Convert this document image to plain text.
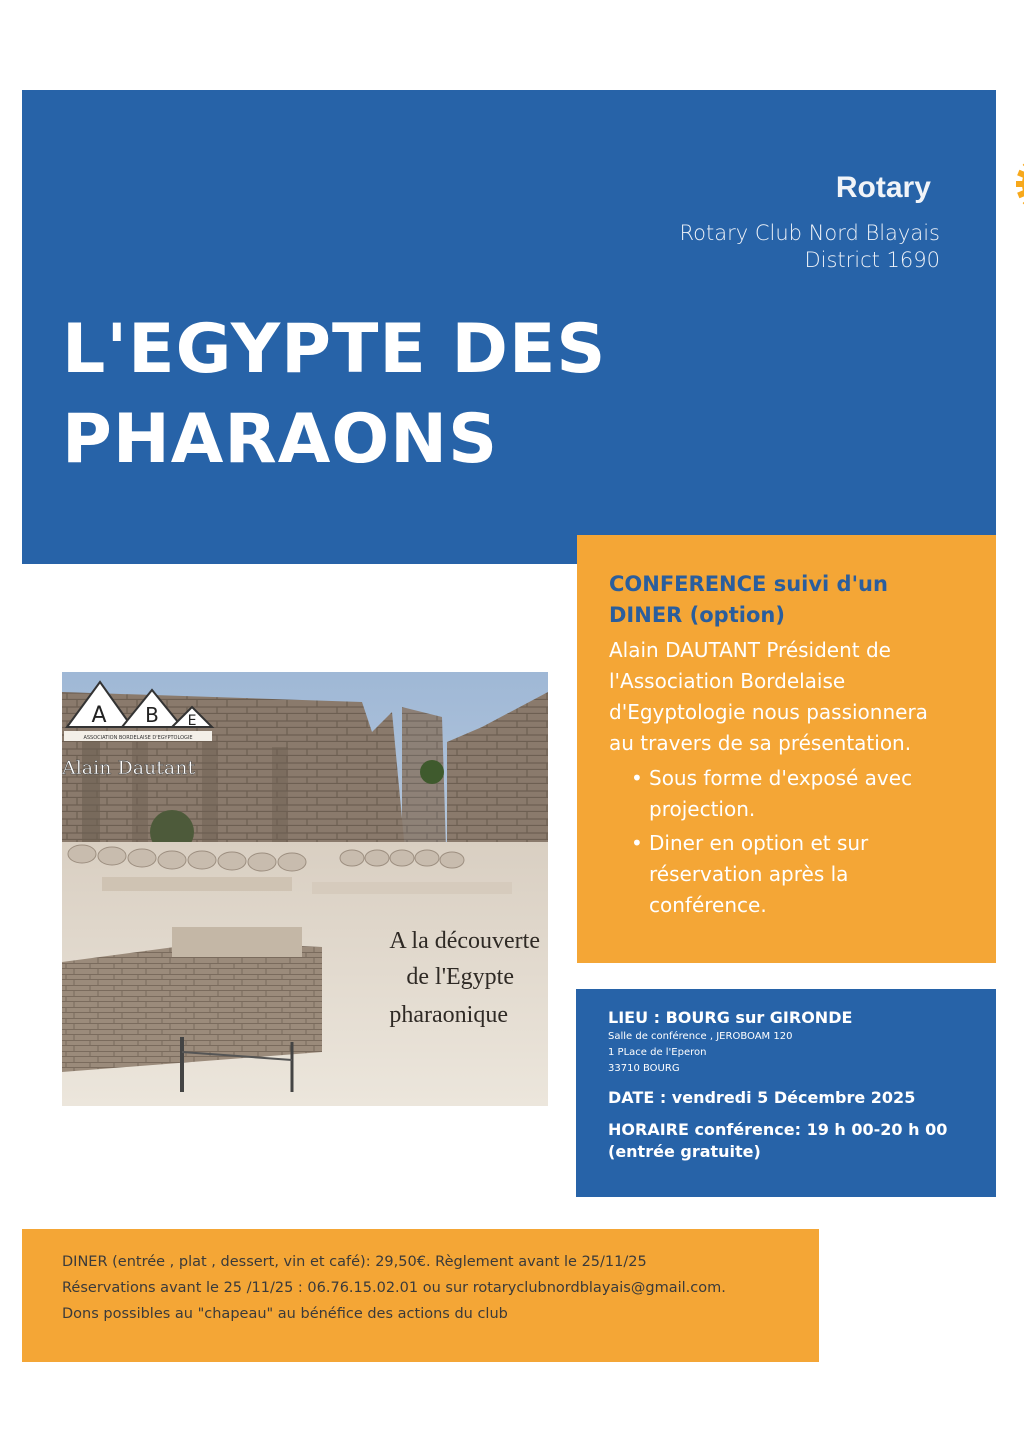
Rotary
Rotary Club Nord Blayais
District 1690
L'EGYPTE DES
PHARAONS

CONFERENCE suivi d'un
DINER (option)

Alain DAUTANT Président de
l'Association Bordelaise
d'Egyptologie nous passionnera
au travers de sa présentation.

• Sous forme d'exposé avec
projection.
• Diner en option et sur
réservation après la
conférence.
A B E
ASSOCIATION BORDELAISE D'EGYPTOLOGIE
Alain Dautant
A la découverte
de l'Egypte
pharaonique	LIEU : BOURG sur GIRONDE

Salle de conférence , JEROBOAM 120

1 PLace de l'Eperon

33710 BOURG

DATE : vendredi 5 Décembre 2025

HORAIRE conférence: 19 h 00-20 h 00

(entrée gratuite)

DINER (entrée , plat , dessert, vin et café): 29,50€. Règlement avant le 25/11/25

Réservations avant le 25 /11/25 : 06.76.15.02.01 ou sur rotaryclubnordblayais@gmail.com.

Dons possibles au "chapeau" au bénéfice des actions du club
